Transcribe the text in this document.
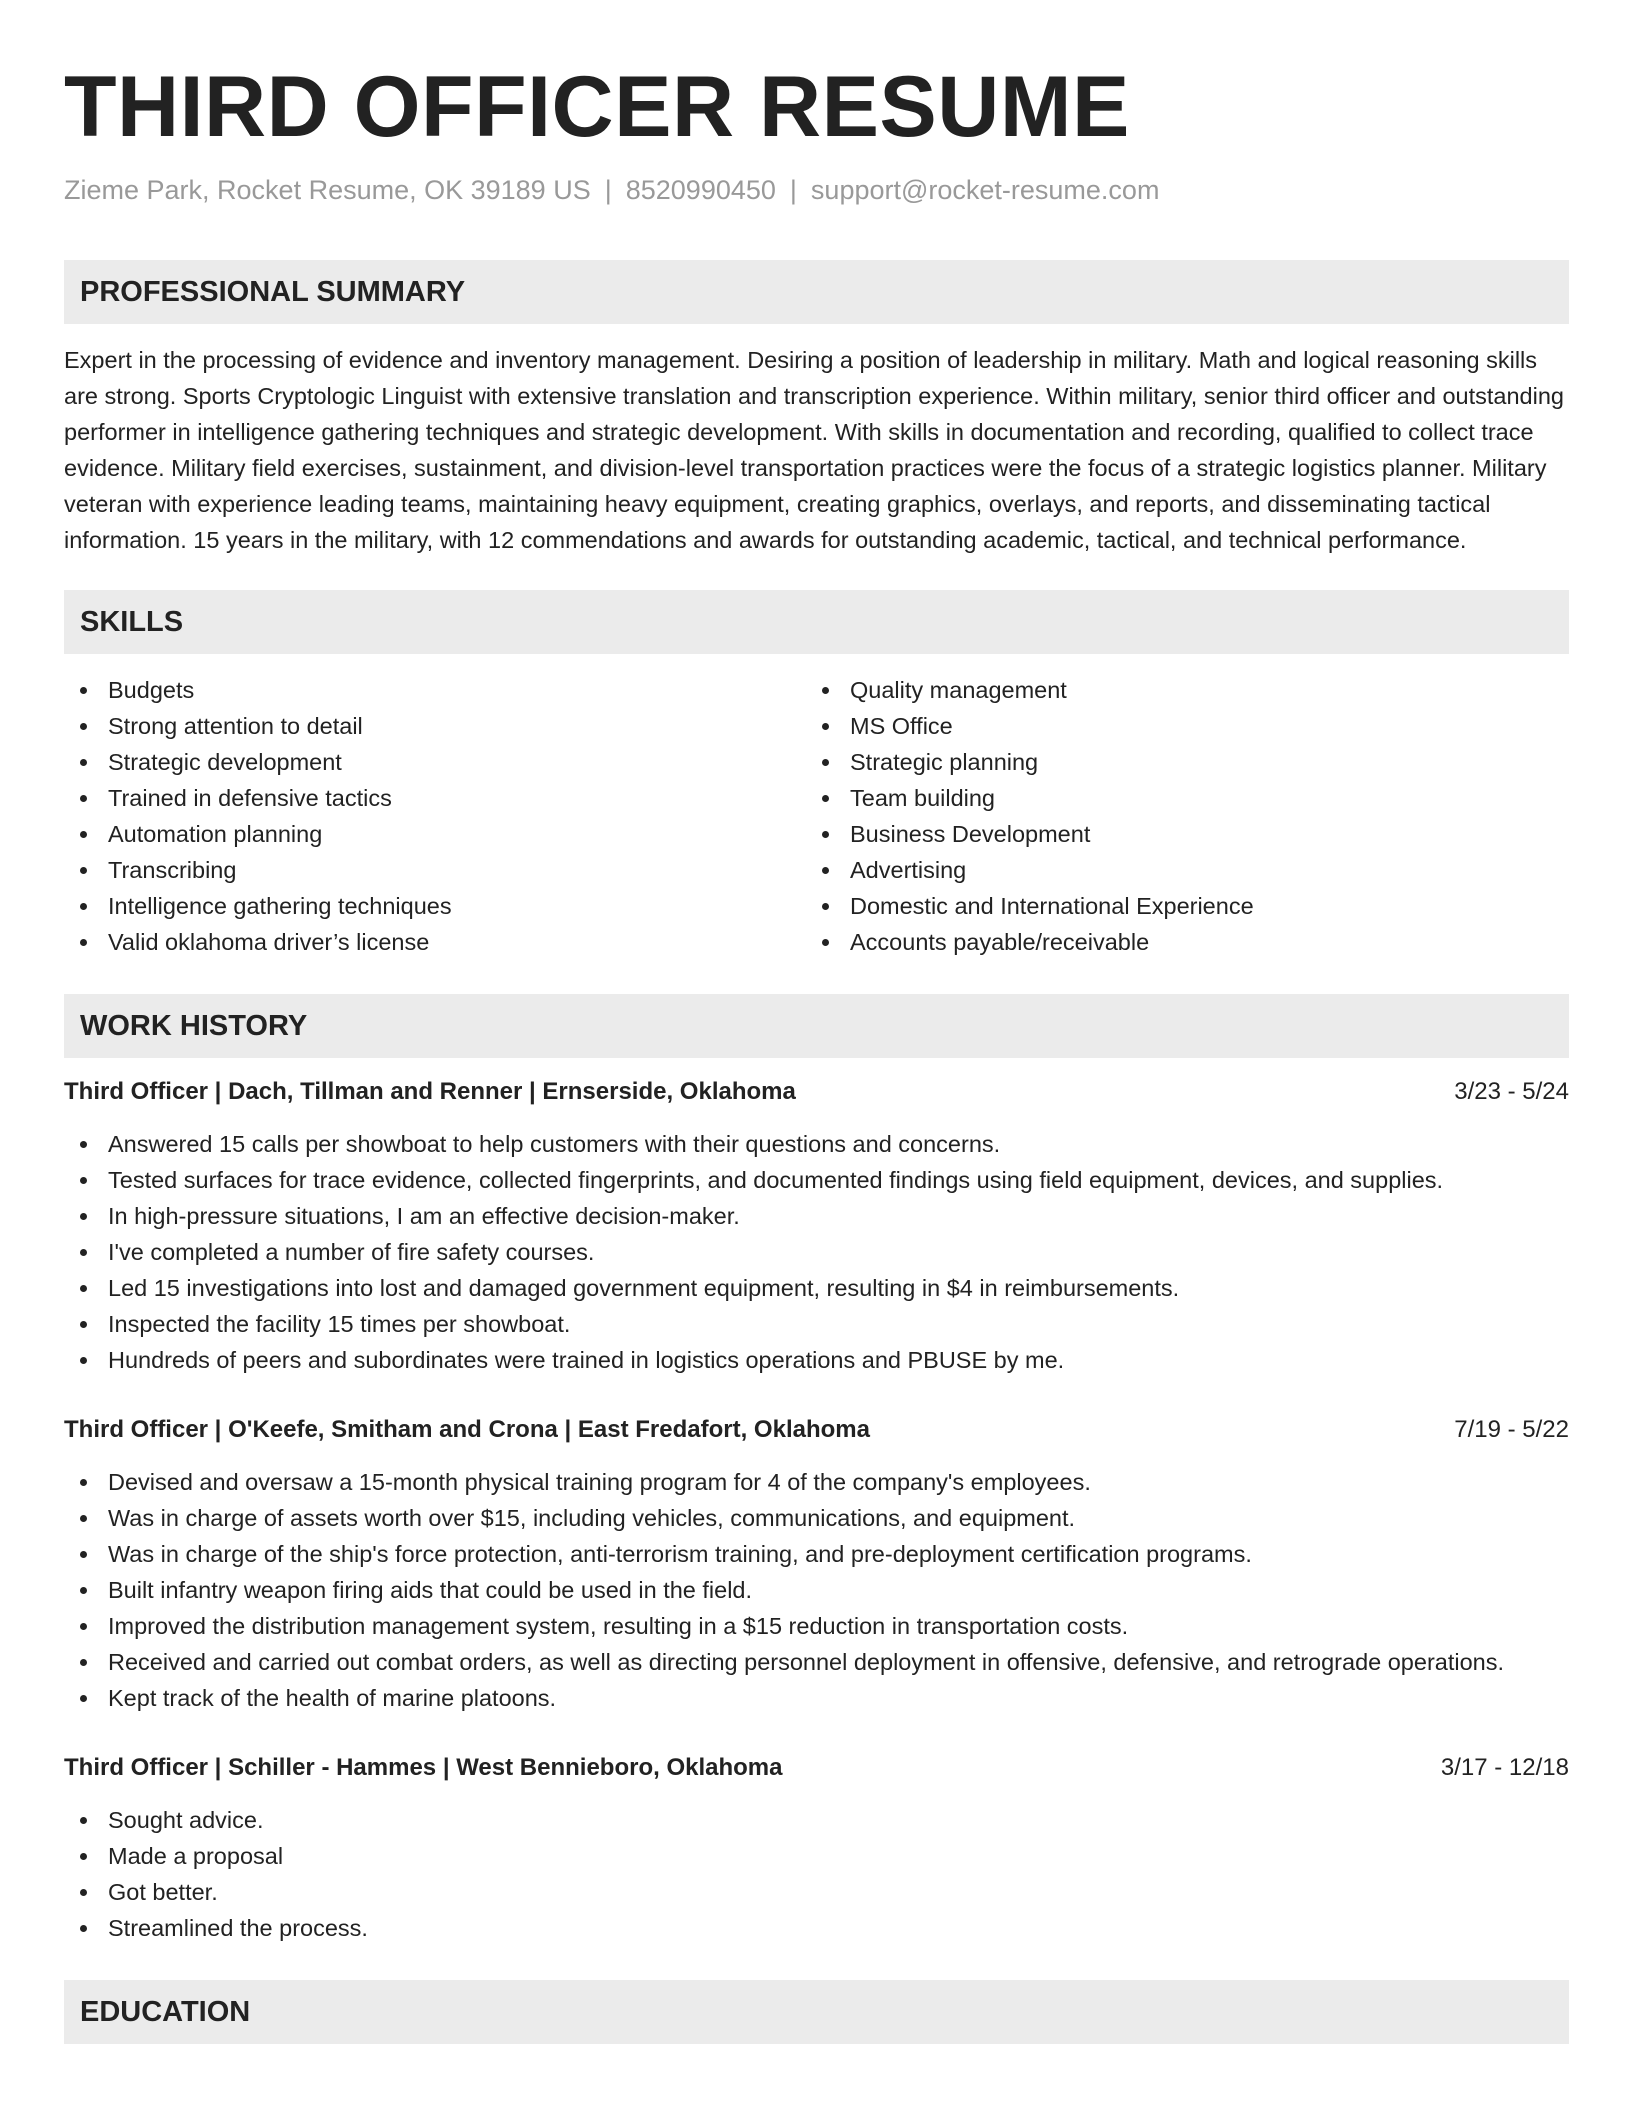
THIRD OFFICER RESUME
Zieme Park, Rocket Resume, OK 39189 US | 8520990450 | support@rocket-resume.com
PROFESSIONAL SUMMARY

Expert in the processing of evidence and inventory management. Desiring a position of leadership in military. Math and logical reasoning skills are strong. Sports Cryptologic Linguist with extensive translation and transcription experience. Within military, senior third officer and outstanding performer in intelligence gathering techniques and strategic development. With skills in documentation and recording, qualified to collect trace evidence. Military field exercises, sustainment, and division-level transportation practices were the focus of a strategic logistics planner. Military veteran with experience leading teams, maintaining heavy equipment, creating graphics, overlays, and reports, and disseminating tactical information. 15 years in the military, with 12 commendations and awards for outstanding academic, tactical, and technical performance.

SKILLS
Budgets
Strong attention to detail
Strategic development
Trained in defensive tactics
Automation planning
Transcribing
Intelligence gathering techniques
Valid oklahoma driver’s license
Quality management
MS Office
Strategic planning
Team building
Business Development
Advertising
Domestic and International Experience
Accounts payable/receivable
WORK HISTORY
Third Officer | Dach, Tillman and Renner | Ernserside, Oklahoma	3/23 - 5/24
Answered 15 calls per showboat to help customers with their questions and concerns.
Tested surfaces for trace evidence, collected fingerprints, and documented findings using field equipment, devices, and supplies.
In high-pressure situations, I am an effective decision-maker.
I've completed a number of fire safety courses.
Led 15 investigations into lost and damaged government equipment, resulting in $4 in reimbursements.
Inspected the facility 15 times per showboat.
Hundreds of peers and subordinates were trained in logistics operations and PBUSE by me.
Third Officer | O'Keefe, Smitham and Crona | East Fredafort, Oklahoma	7/19 - 5/22
Devised and oversaw a 15-month physical training program for 4 of the company's employees.
Was in charge of assets worth over $15, including vehicles, communications, and equipment.
Was in charge of the ship's force protection, anti-terrorism training, and pre-deployment certification programs.
Built infantry weapon firing aids that could be used in the field.
Improved the distribution management system, resulting in a $15 reduction in transportation costs.
Received and carried out combat orders, as well as directing personnel deployment in offensive, defensive, and retrograde operations.
Kept track of the health of marine platoons.
Third Officer | Schiller - Hammes | West Bennieboro, Oklahoma	3/17 - 12/18
Sought advice.
Made a proposal
Got better.
Streamlined the process.
EDUCATION
